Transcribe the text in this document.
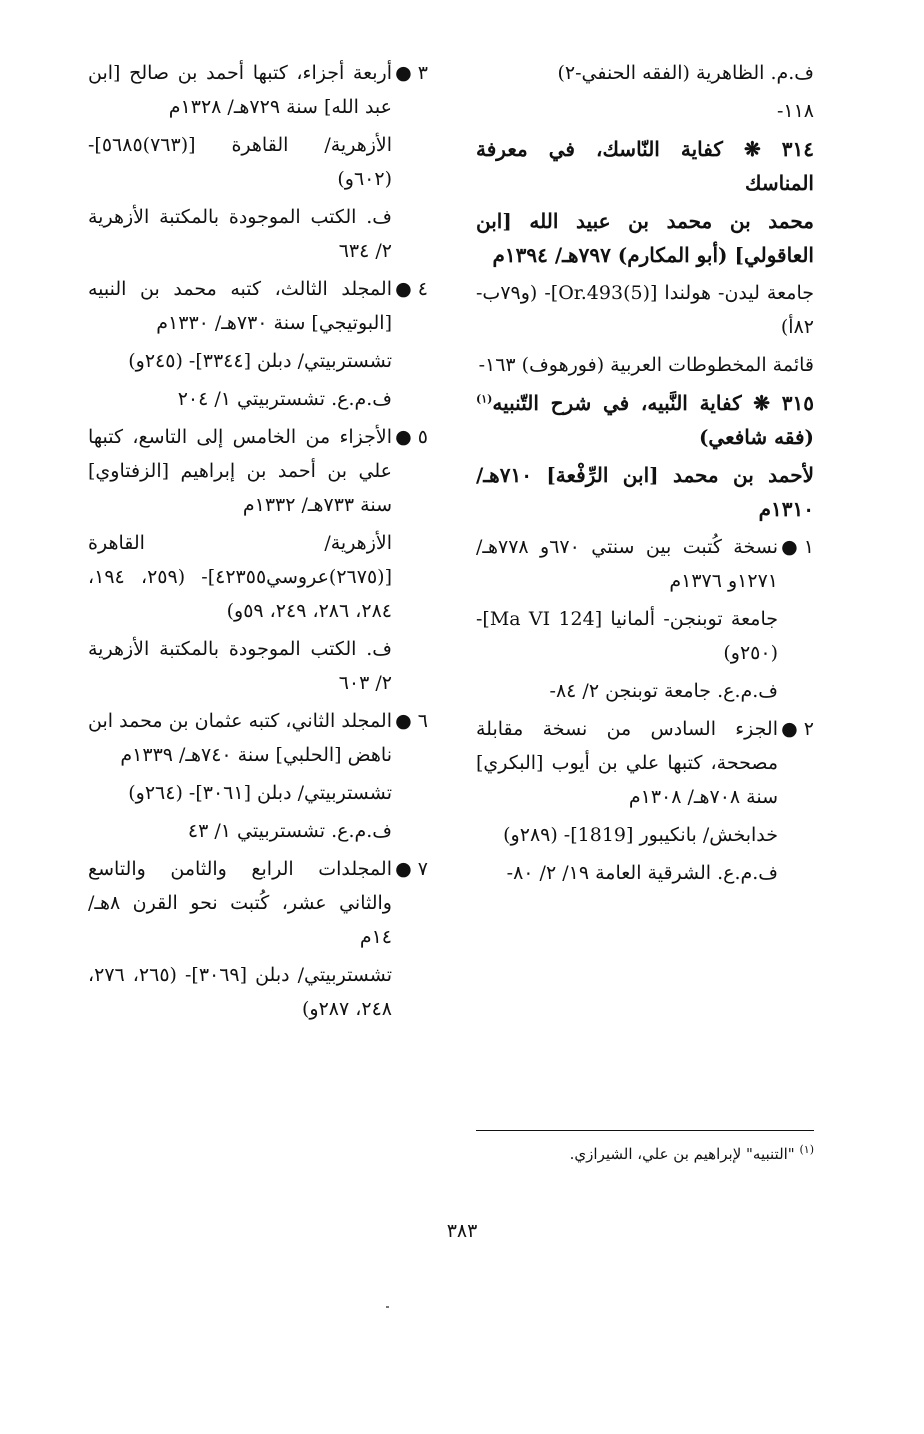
ف.م. الظاهرية (الفقه الحنفي-٢)

١١٨-

٣١٤ ❋ كفاية النّاسك، في معرفة المناسك

محمد بن محمد بن عبيد الله [ابن العاقولي] (أبو المكارم) ٧٩٧هـ/ ١٣٩٤م

جامعة ليدن- هولندا [Or.493(5)]- (و٧٩ب- ٨٢أ)

قائمة المخطوطات العربية (فورهوف) ١٦٣-

٣١٥ ❋ كفاية النَّبيه، في شرح التّنبيه$^{(١)}$ (فقه شافعي)

لأحمد بن محمد [ابن الرِّفْعة] ٧١٠هـ/ ١٣١٠م

١ ●
نسخة كُتبت بين سنتي ٦٧٠و ٧٧٨هـ/ ١٢٧١و ١٣٧٦م
جامعة توبنجن- ألمانيا [Ma VI 124]- (٢٥٠و)
ف.م.ع. جامعة توبنجن ٢/ ٨٤-
٢ ●
الجزء السادس من نسخة مقابلة مصححة، كتبها علي بن أيوب [البكري] سنة ٧٠٨هـ/ ١٣٠٨م
خدابخش/ بانكيبور [1819]- (٢٨٩و)
ف.م.ع. الشرقية العامة ١٩/ ٢/ ٨٠-
٣ ●
أربعة أجزاء، كتبها أحمد بن صالح [ابن عبد الله] سنة ٧٢٩هـ/ ١٣٢٨م
الأزهرية/ القاهرة [(٧٦٣)٥٦٨٥]- (٦٠٢و)
ف. الكتب الموجودة بالمكتبة الأزهرية ٢/ ٦٣٤
٤ ●
المجلد الثالث، كتبه محمد بن النبيه [البوتيجي] سنة ٧٣٠هـ/ ١٣٣٠م
تشستربيتي/ دبلن [٣٣٤٤]- (٢٤٥و)
ف.م.ع. تشستربيتي ١/ ٢٠٤
٥ ●
الأجزاء من الخامس إلى التاسع، كتبها علي بن أحمد بن إبراهيم [الزفتاوي] سنة ٧٣٣هـ/ ١٣٣٢م
الأزهرية/ القاهرة [(٢٦٧٥)عروسي٤٢٣٥٥]- (٢٥٩، ١٩٤، ٢٨٤، ٢٨٦، ٢٤٩، ٥٩و)
ف. الكتب الموجودة بالمكتبة الأزهرية ٢/ ٦٠٣
٦ ●
المجلد الثاني، كتبه عثمان بن محمد ابن ناهض [الحلبي] سنة ٧٤٠هـ/ ١٣٣٩م
تشستربيتي/ دبلن [٣٠٦١]- (٢٦٤و)
ف.م.ع. تشستربيتي ١/ ٤٣
٧ ●
المجلدات الرابع والثامن والتاسع والثاني عشر، كُتبت نحو القرن ٨هـ/ ١٤م
تشستربيتي/ دبلن [٣٠٦٩]- (٢٦٥، ٢٧٦، ٢٤٨، ٢٨٧و)
$^{(١)}$ "التنبيه" لإبراهيم بن علي، الشيرازي.
٣٨٣
